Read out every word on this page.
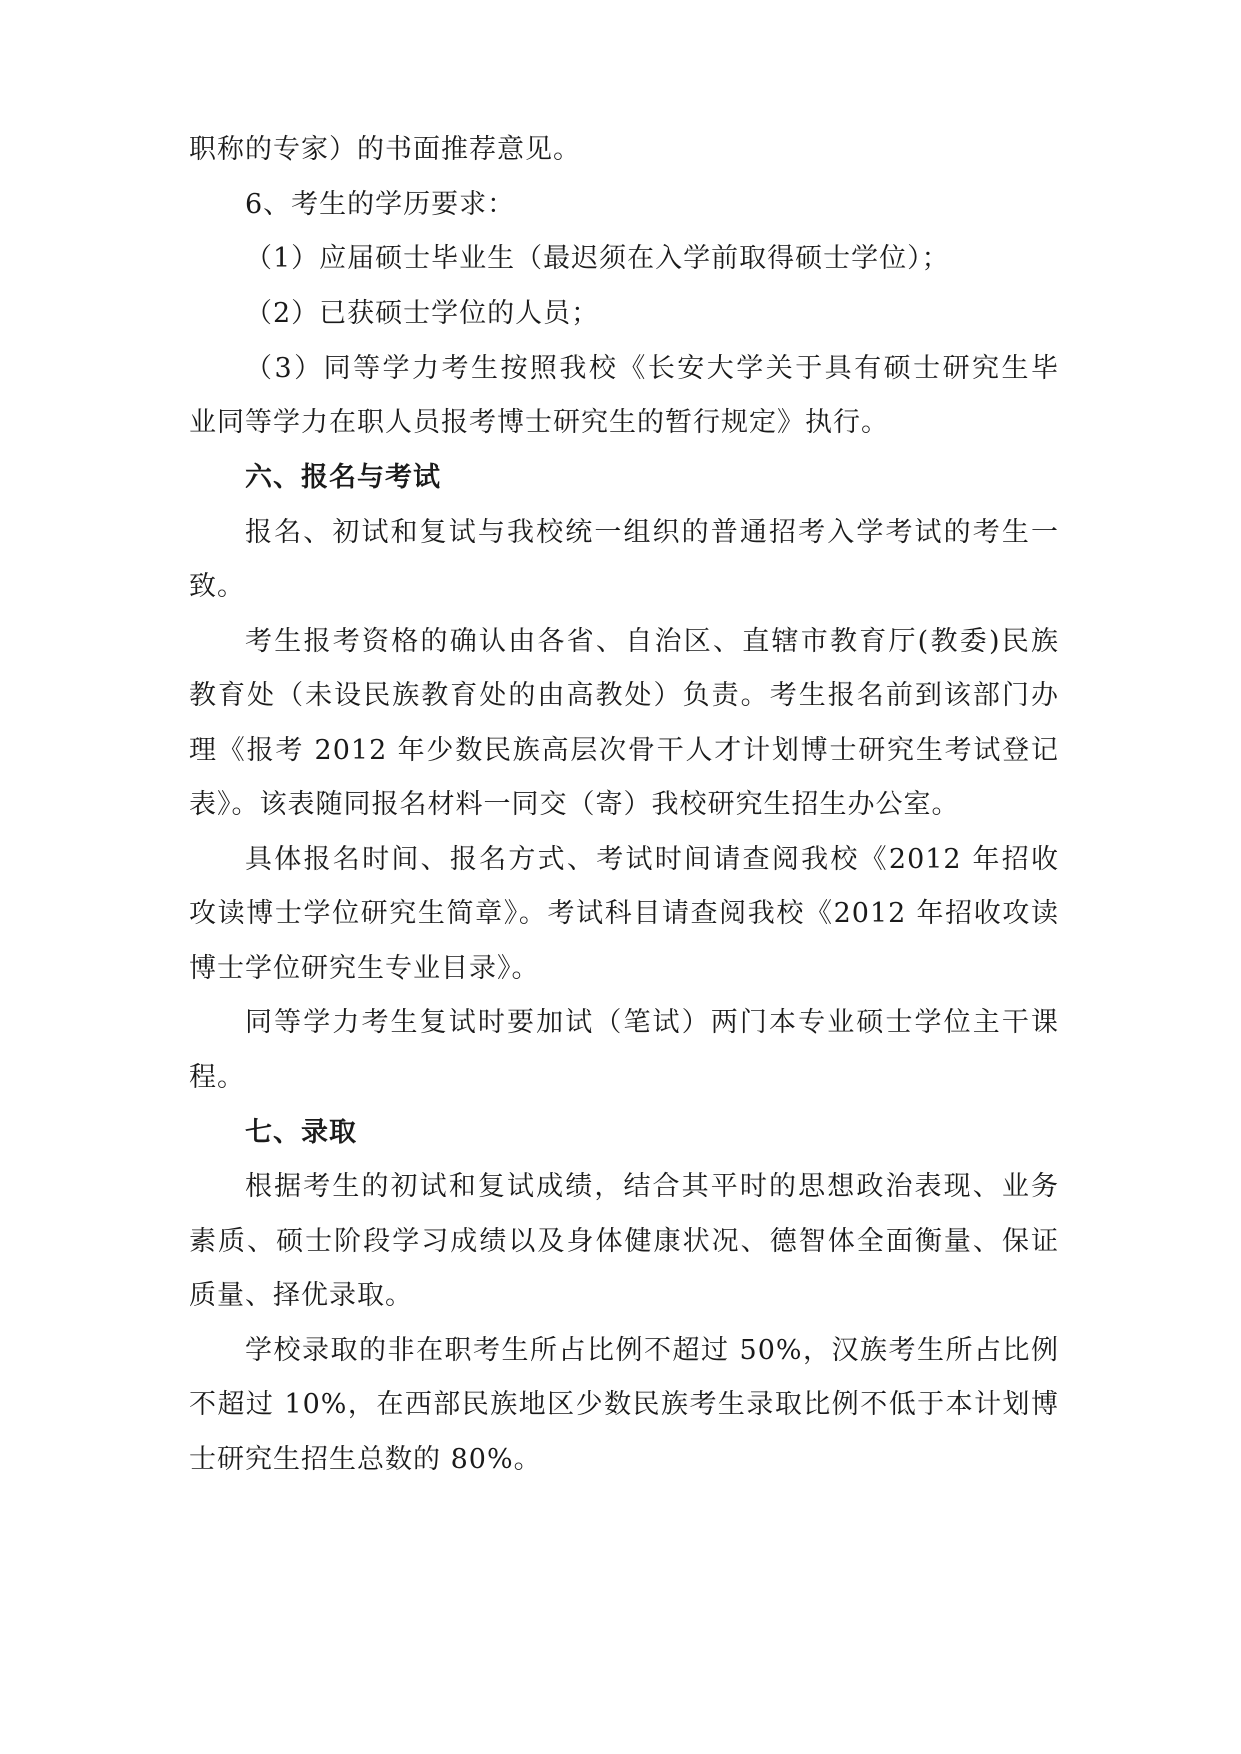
职称的专家）的书面推荐意见。
6、考生的学历要求：
（1）应届硕士毕业生（最迟须在入学前取得硕士学位）；
（2）已获硕士学位的人员；
（3）同等学力考生按照我校《长安大学关于具有硕士研究生毕
业同等学力在职人员报考博士研究生的暂行规定》执行。
六、报名与考试
报名、初试和复试与我校统一组织的普通招考入学考试的考生一
致。
考生报考资格的确认由各省、自治区、直辖市教育厅(教委)民族
教育处（未设民族教育处的由高教处）负责。考生报名前到该部门办
理《报考 2012 年少数民族高层次骨干人才计划博士研究生考试登记
表》。该表随同报名材料一同交（寄）我校研究生招生办公室。
具体报名时间、报名方式、考试时间请查阅我校《2012 年招收
攻读博士学位研究生简章》。考试科目请查阅我校《2012 年招收攻读
博士学位研究生专业目录》。
同等学力考生复试时要加试（笔试）两门本专业硕士学位主干课
程。
七、录取
根据考生的初试和复试成绩，结合其平时的思想政治表现、业务
素质、硕士阶段学习成绩以及身体健康状况、德智体全面衡量、保证
质量、择优录取。
学校录取的非在职考生所占比例不超过 50%，汉族考生所占比例
不超过 10%，在西部民族地区少数民族考生录取比例不低于本计划博
士研究生招生总数的 80%。
